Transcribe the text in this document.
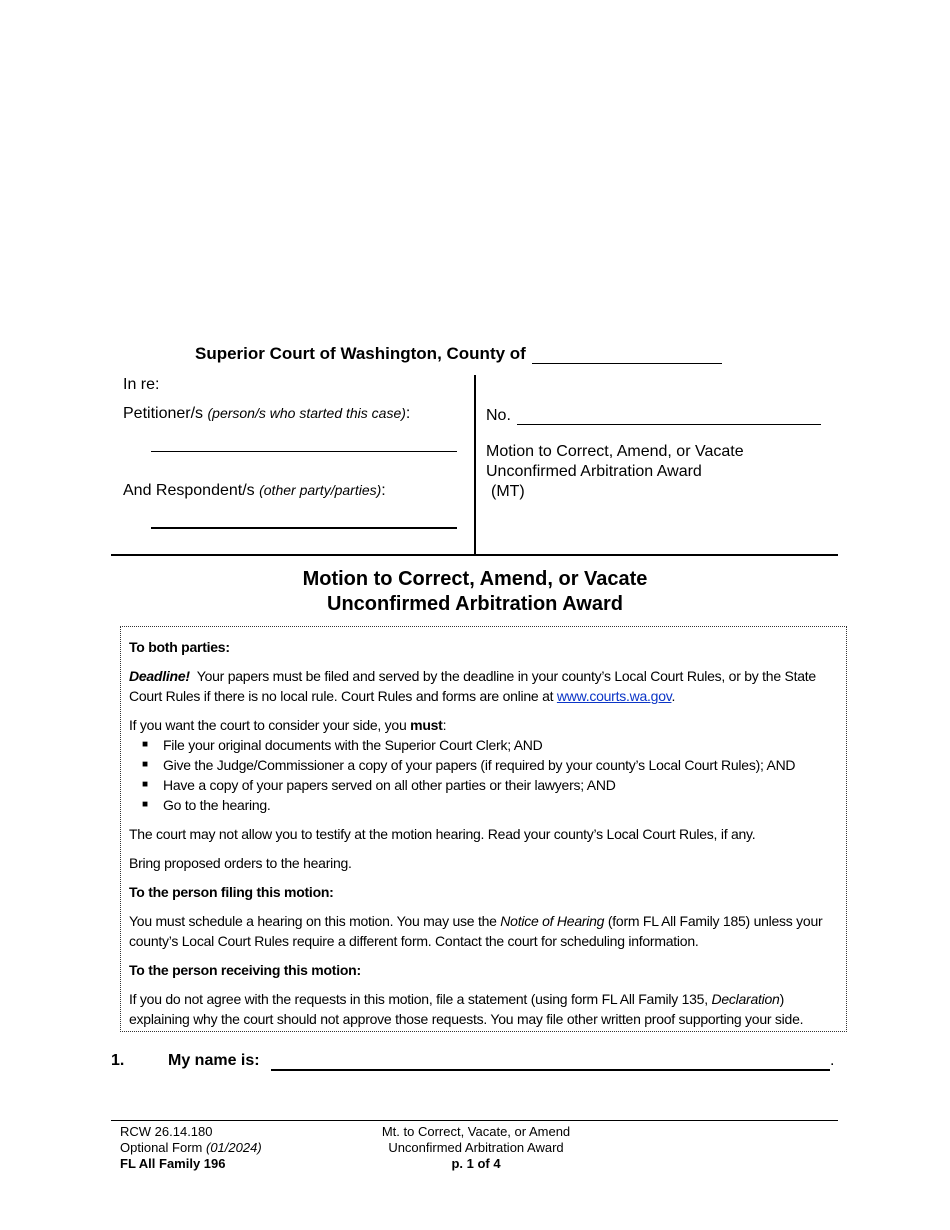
Superior Court of Washington, County of
In re:
Petitioner/s (person/s who started this case):
And Respondent/s (other party/parties):
No.
Motion to Correct, Amend, or Vacate
Unconfirmed Arbitration Award
(MT)
Motion to Correct, Amend, or Vacate
Unconfirmed Arbitration Award

To both parties:

Deadline! Your papers must be filed and served by the deadline in your county’s Local Court Rules, or by the State Court Rules if there is no local rule. Court Rules and forms are online at www.courts.wa.gov.

If you want the court to consider your side, you must:

■ File your original documents with the Superior Court Clerk; AND
■ Give the Judge/Commissioner a copy of your papers (if required by your county’s Local Court Rules); AND
■ Have a copy of your papers served on all other parties or their lawyers; AND
■ Go to the hearing.

The court may not allow you to testify at the motion hearing. Read your county’s Local Court Rules, if any.

Bring proposed orders to the hearing.

To the person filing this motion:

You must schedule a hearing on this motion. You may use the Notice of Hearing (form FL All Family 185) unless your county’s Local Court Rules require a different form. Contact the court for scheduling information.

To the person receiving this motion:

If you do not agree with the requests in this motion, file a statement (using form FL All Family 135, Declaration) explaining why the court should not approve those requests. You may file other written proof supporting your side.

1.	My name is:	.
RCW 26.14.180
Optional Form (01/2024)
FL All Family 196
Mt. to Correct, Vacate, or Amend
Unconfirmed Arbitration Award
p. 1 of 4
